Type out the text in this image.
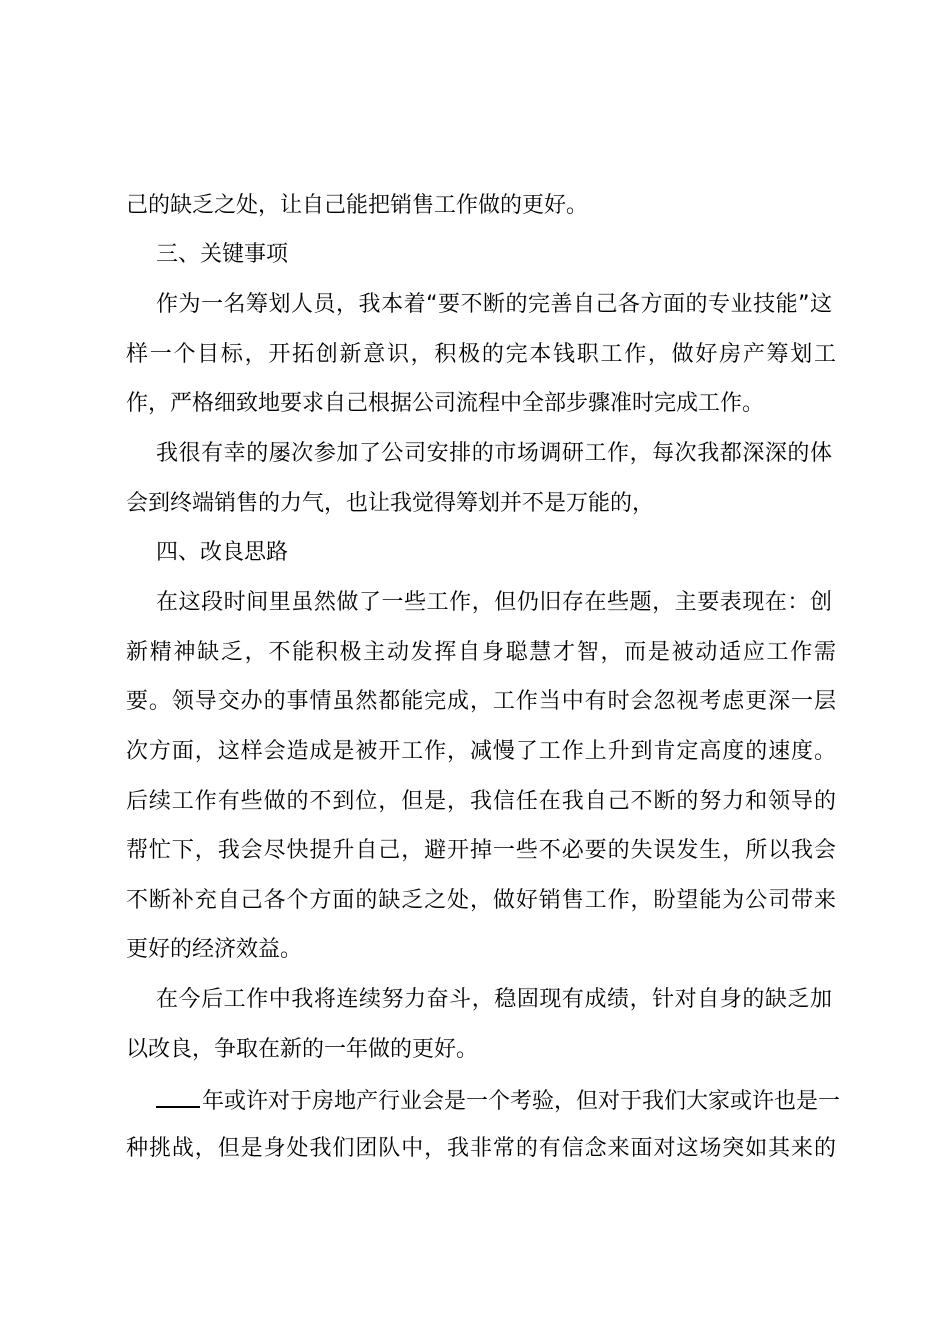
己的缺乏之处，让自己能把销售工作做的更好。
三、关键事项
作为一名筹划人员，我本着“要不断的完善自己各方面的专业技能”这
样一个目标，开拓创新意识，积极的完本钱职工作，做好房产筹划工
作，严格细致地要求自己根据公司流程中全部步骤准时完成工作。
我很有幸的屡次参加了公司安排的市场调研工作，每次我都深深的体
会到终端销售的力气，也让我觉得筹划并不是万能的，
四、改良思路
在这段时间里虽然做了一些工作，但仍旧存在些题，主要表现在：创
新精神缺乏，不能积极主动发挥自身聪慧才智，而是被动适应工作需
要。领导交办的事情虽然都能完成，工作当中有时会忽视考虑更深一层
次方面，这样会造成是被开工作，减慢了工作上升到肯定高度的速度。
后续工作有些做的不到位，但是，我信任在我自己不断的努力和领导的
帮忙下，我会尽快提升自己，避开掉一些不必要的失误发生，所以我会
不断补充自己各个方面的缺乏之处，做好销售工作，盼望能为公司带来
更好的经济效益。
在今后工作中我将连续努力奋斗，稳固现有成绩，针对自身的缺乏加
以改良，争取在新的一年做的更好。
年或许对于房地产行业会是一个考验，但对于我们大家或许也是一
种挑战，但是身处我们团队中，我非常的有信念来面对这场突如其来的
